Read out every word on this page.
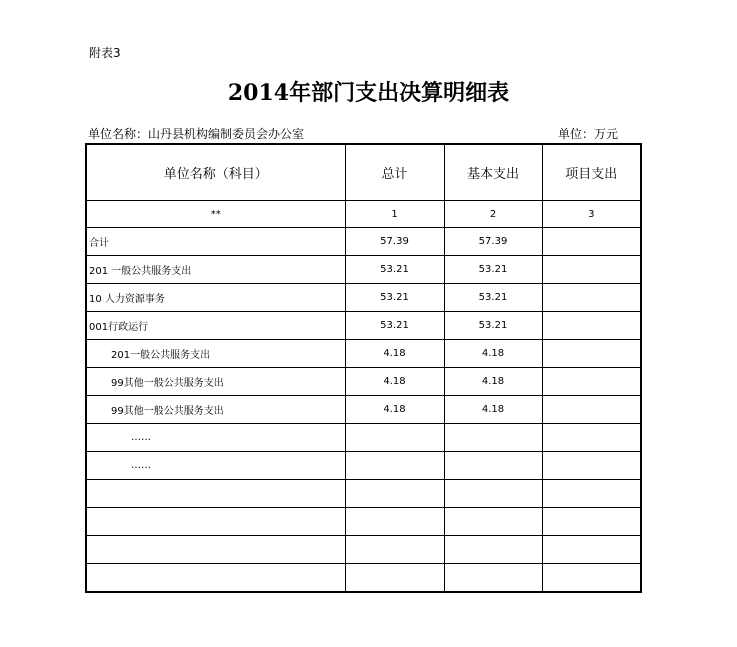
附表3
2014年部门支出决算明细表
单位名称：山丹县机构编制委员会办公室	单位：万元
单位名称（科目）	总计	基本支出	项目支出
**	1	2	3
合计	57.39	57.39	
201 一般公共服务支出	53.21	53.21	
10 人力资源事务	53.21	53.21	
001行政运行	53.21	53.21	
201一般公共服务支出	4.18	4.18	
99其他一般公共服务支出	4.18	4.18	
99其他一般公共服务支出	4.18	4.18	
……			
……			
